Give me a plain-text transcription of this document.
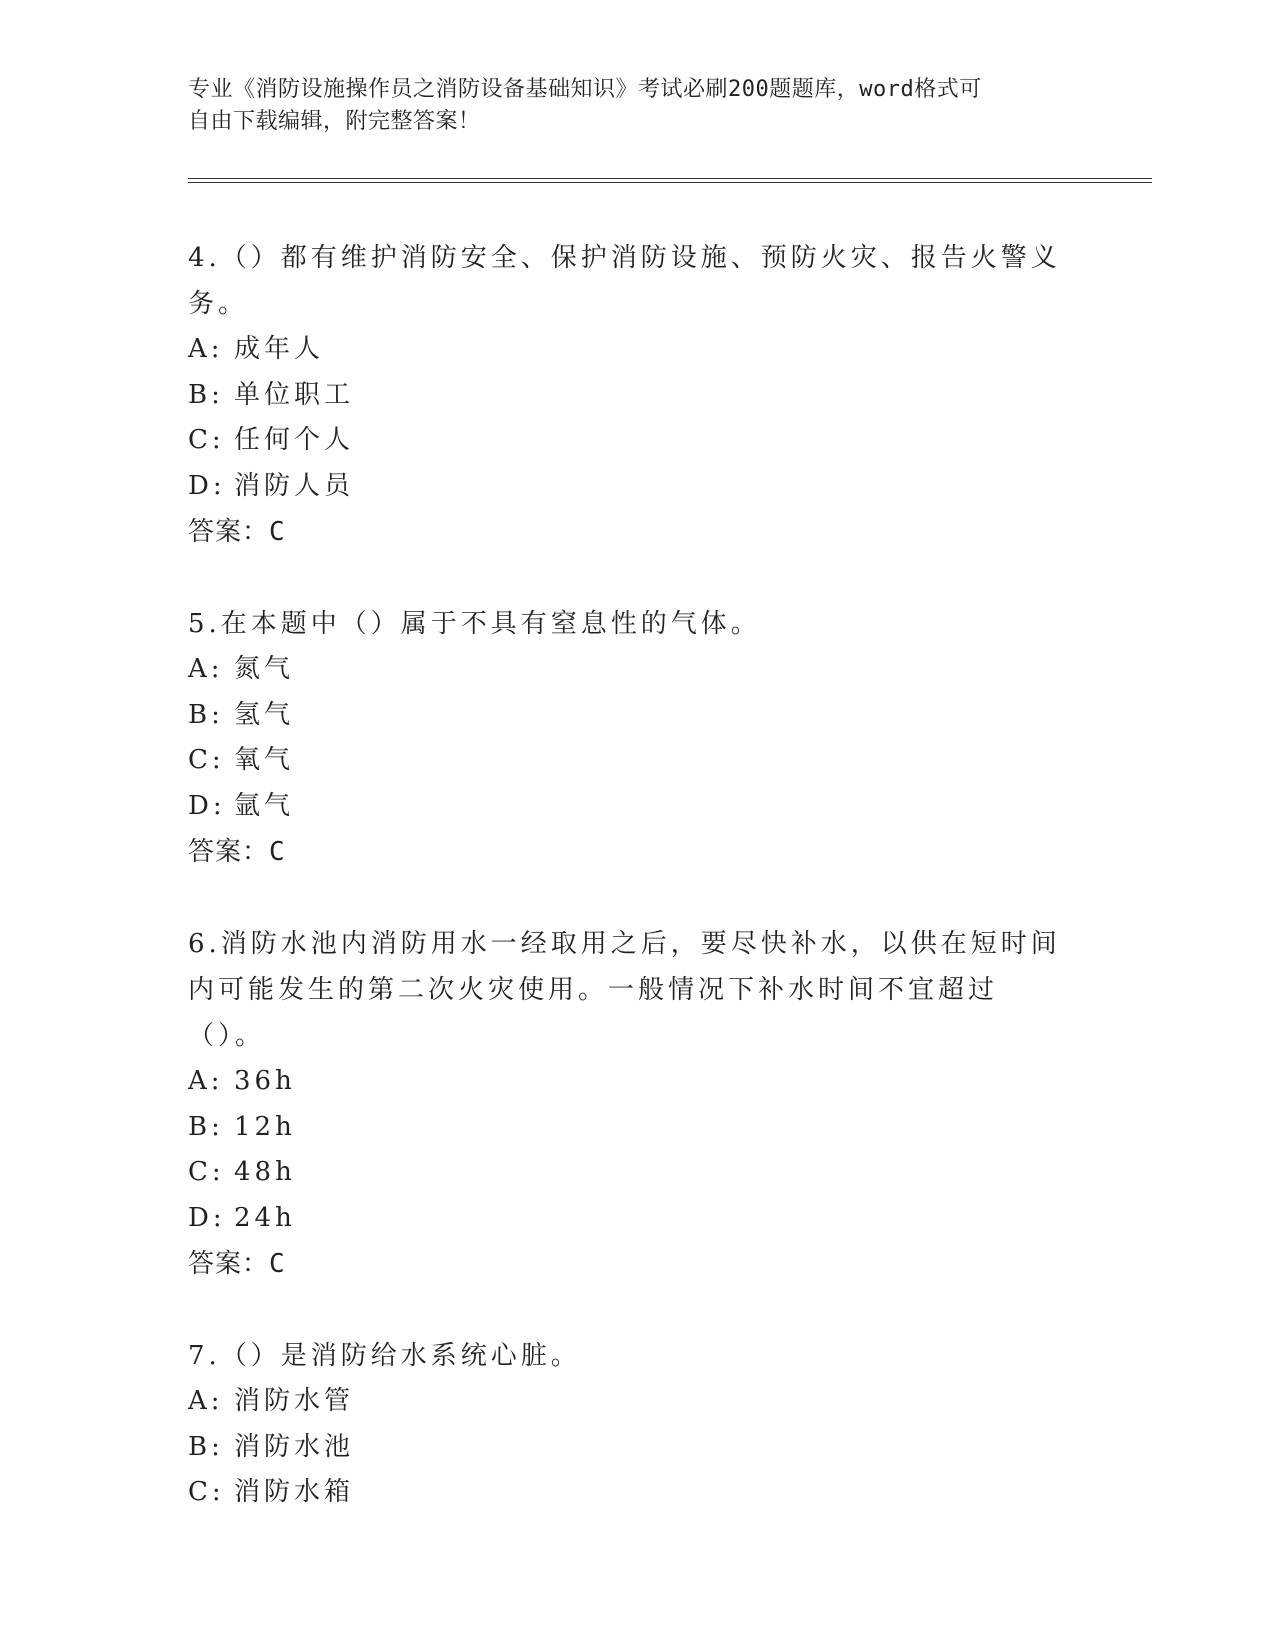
专业《消防设施操作员之消防设备基础知识》考试必刷200题题库，word格式可
自由下载编辑，附完整答案！

4.（）都有维护消防安全、保护消防设施、预防火灾、报告火警义务。

A: 成年人

B: 单位职工

C: 任何个人

D: 消防人员

答案：C

5.在本题中（）属于不具有窒息性的气体。

A: 氮气

B: 氢气

C: 氧气

D: 氩气

答案：C

6.消防水池内消防用水一经取用之后，要尽快补水，以供在短时间内可能发生的第二次火灾使用。一般情况下补水时间不宜超过（）。

A: 36h

B: 12h

C: 48h

D: 24h

答案：C

7.（）是消防给水系统心脏。

A: 消防水管

B: 消防水池

C: 消防水箱
